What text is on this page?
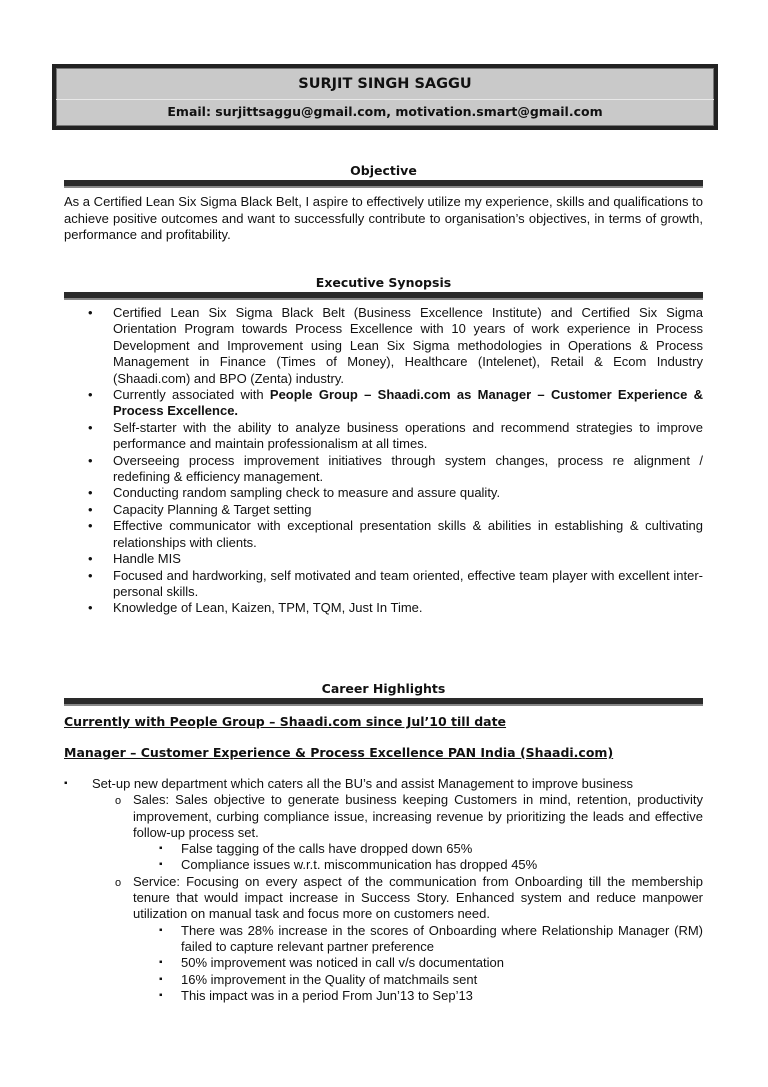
SURJIT SINGH SAGGU
Email: surjittsaggu@gmail.com, motivation.smart@gmail.com
Objective
As a Certified Lean Six Sigma Black Belt, I aspire to effectively utilize my experience, skills and qualifications to achieve positive outcomes and want to successfully contribute to organisation’s objectives, in terms of growth, performance and profitability.
Executive Synopsis
• Certified Lean Six Sigma Black Belt (Business Excellence Institute) and Certified Six Sigma Orientation Program towards Process Excellence with 10 years of work experience in Process Development and Improvement using Lean Six Sigma methodologies in Operations & Process Management in Finance (Times of Money), Healthcare (Intelenet), Retail & Ecom Industry (Shaadi.com) and BPO (Zenta) industry.
• Currently associated with People Group – Shaadi.com as Manager – Customer Experience & Process Excellence.
• Self-starter with the ability to analyze business operations and recommend strategies to improve performance and maintain professionalism at all times.
• Overseeing process improvement initiatives through system changes, process re alignment / redefining & efficiency management.
• Conducting random sampling check to measure and assure quality.
• Capacity Planning & Target setting
• Effective communicator with exceptional presentation skills & abilities in establishing & cultivating relationships with clients.
• Handle MIS
• Focused and hardworking, self motivated and team oriented, effective team player with excellent inter-personal skills.
• Knowledge of Lean, Kaizen, TPM, TQM, Just In Time.
Career Highlights
Currently with People Group – Shaadi.com since Jul’10 till date
Manager – Customer Experience & Process Excellence PAN India (Shaadi.com)
▪ Set-up new department which caters all the BU’s and assist Management to improve business
o Sales: Sales objective to generate business keeping Customers in mind, retention, productivity improvement, curbing compliance issue, increasing revenue by prioritizing the leads and effective follow-up process set.
▪ False tagging of the calls have dropped down 65%
▪ Compliance issues w.r.t. miscommunication has dropped 45%
o Service: Focusing on every aspect of the communication from Onboarding till the membership tenure that would impact increase in Success Story. Enhanced system and reduce manpower utilization on manual task and focus more on customers need.
▪ There was 28% increase in the scores of Onboarding where Relationship Manager (RM) failed to capture relevant partner preference
▪ 50% improvement was noticed in call v/s documentation
▪ 16% improvement in the Quality of matchmails sent
▪ This impact was in a period From Jun’13 to Sep’13
